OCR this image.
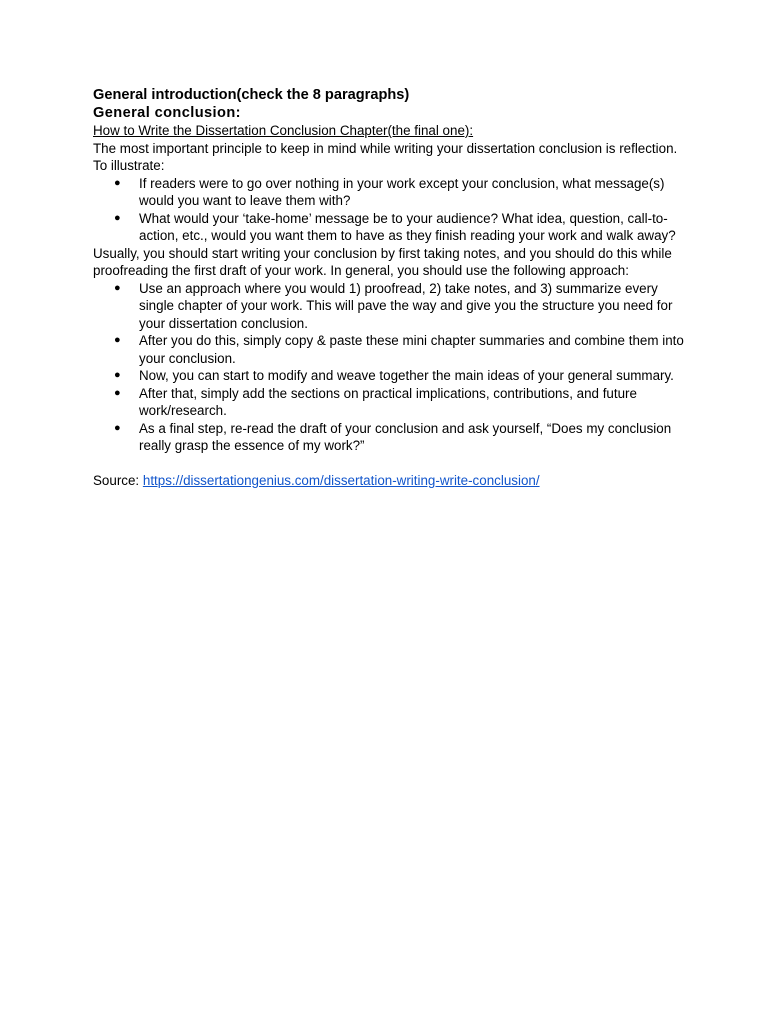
General introduction(check the 8 paragraphs)

General conclusion:

How to Write the Dissertation Conclusion Chapter(the final one):

The most important principle to keep in mind while writing your dissertation conclusion is reflection. To illustrate:

● If readers were to go over nothing in your work except your conclusion, what message(s) would you want to leave them with?
● What would your ‘take-home’ message be to your audience? What idea, question, call-to-action, etc., would you want them to have as they finish reading your work and walk away?

Usually, you should start writing your conclusion by first taking notes, and you should do this while proofreading the first draft of your work. In general, you should use the following approach:

● Use an approach where you would 1) proofread, 2) take notes, and 3) summarize every single chapter of your work. This will pave the way and give you the structure you need for your dissertation conclusion.
● After you do this, simply copy & paste these mini chapter summaries and combine them into your conclusion.
● Now, you can start to modify and weave together the main ideas of your general summary.
● After that, simply add the sections on practical implications, contributions, and future work/research.
● As a final step, re-read the draft of your conclusion and ask yourself, “Does my conclusion really grasp the essence of my work?”

Source: https://dissertationgenius.com/dissertation-writing-write-conclusion/
